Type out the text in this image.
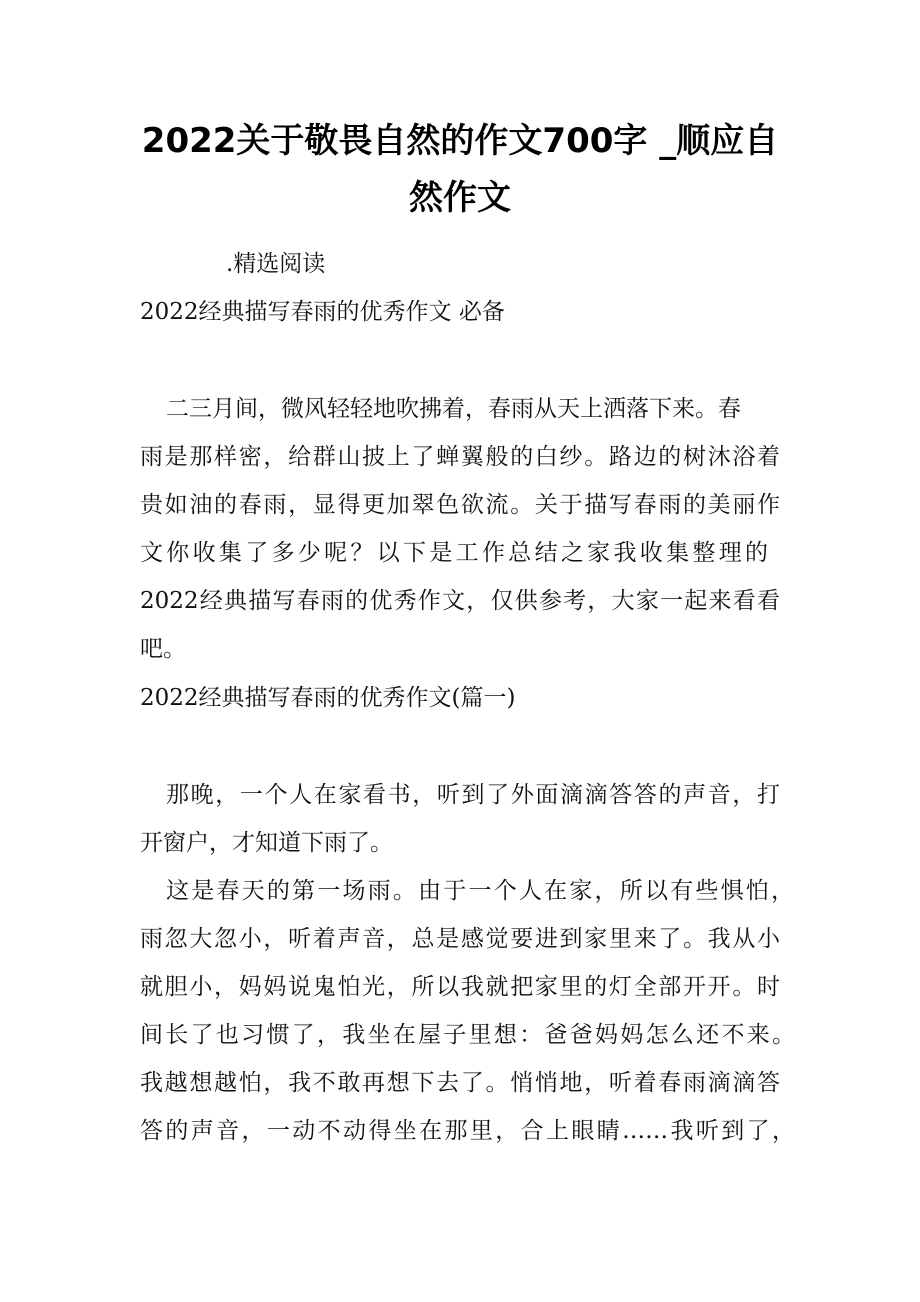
2022关于敬畏自然的作文700字 _顺应自
然作文

.精选阅读

2022经典描写春雨的优秀作文 必备

二三月间，微风轻轻地吹拂着，春雨从天上洒落下来。春

雨是那样密，给群山披上了蝉翼般的白纱。路边的树沐浴着

贵如油的春雨，显得更加翠色欲流。关于描写春雨的美丽作

文你收集了多少呢？以下是工作总结之家我收集整理的

2022经典描写春雨的优秀作文，仅供参考，大家一起来看看

吧。

2022经典描写春雨的优秀作文(篇一)

那晚，一个人在家看书，听到了外面滴滴答答的声音，打

开窗户，才知道下雨了。

这是春天的第一场雨。由于一个人在家，所以有些惧怕，

雨忽大忽小，听着声音，总是感觉要进到家里来了。我从小

就胆小，妈妈说鬼怕光，所以我就把家里的灯全部开开。时

间长了也习惯了，我坐在屋子里想：爸爸妈妈怎么还不来。

我越想越怕，我不敢再想下去了。悄悄地，听着春雨滴滴答

答的声音，一动不动得坐在那里，合上眼睛……我听到了，
